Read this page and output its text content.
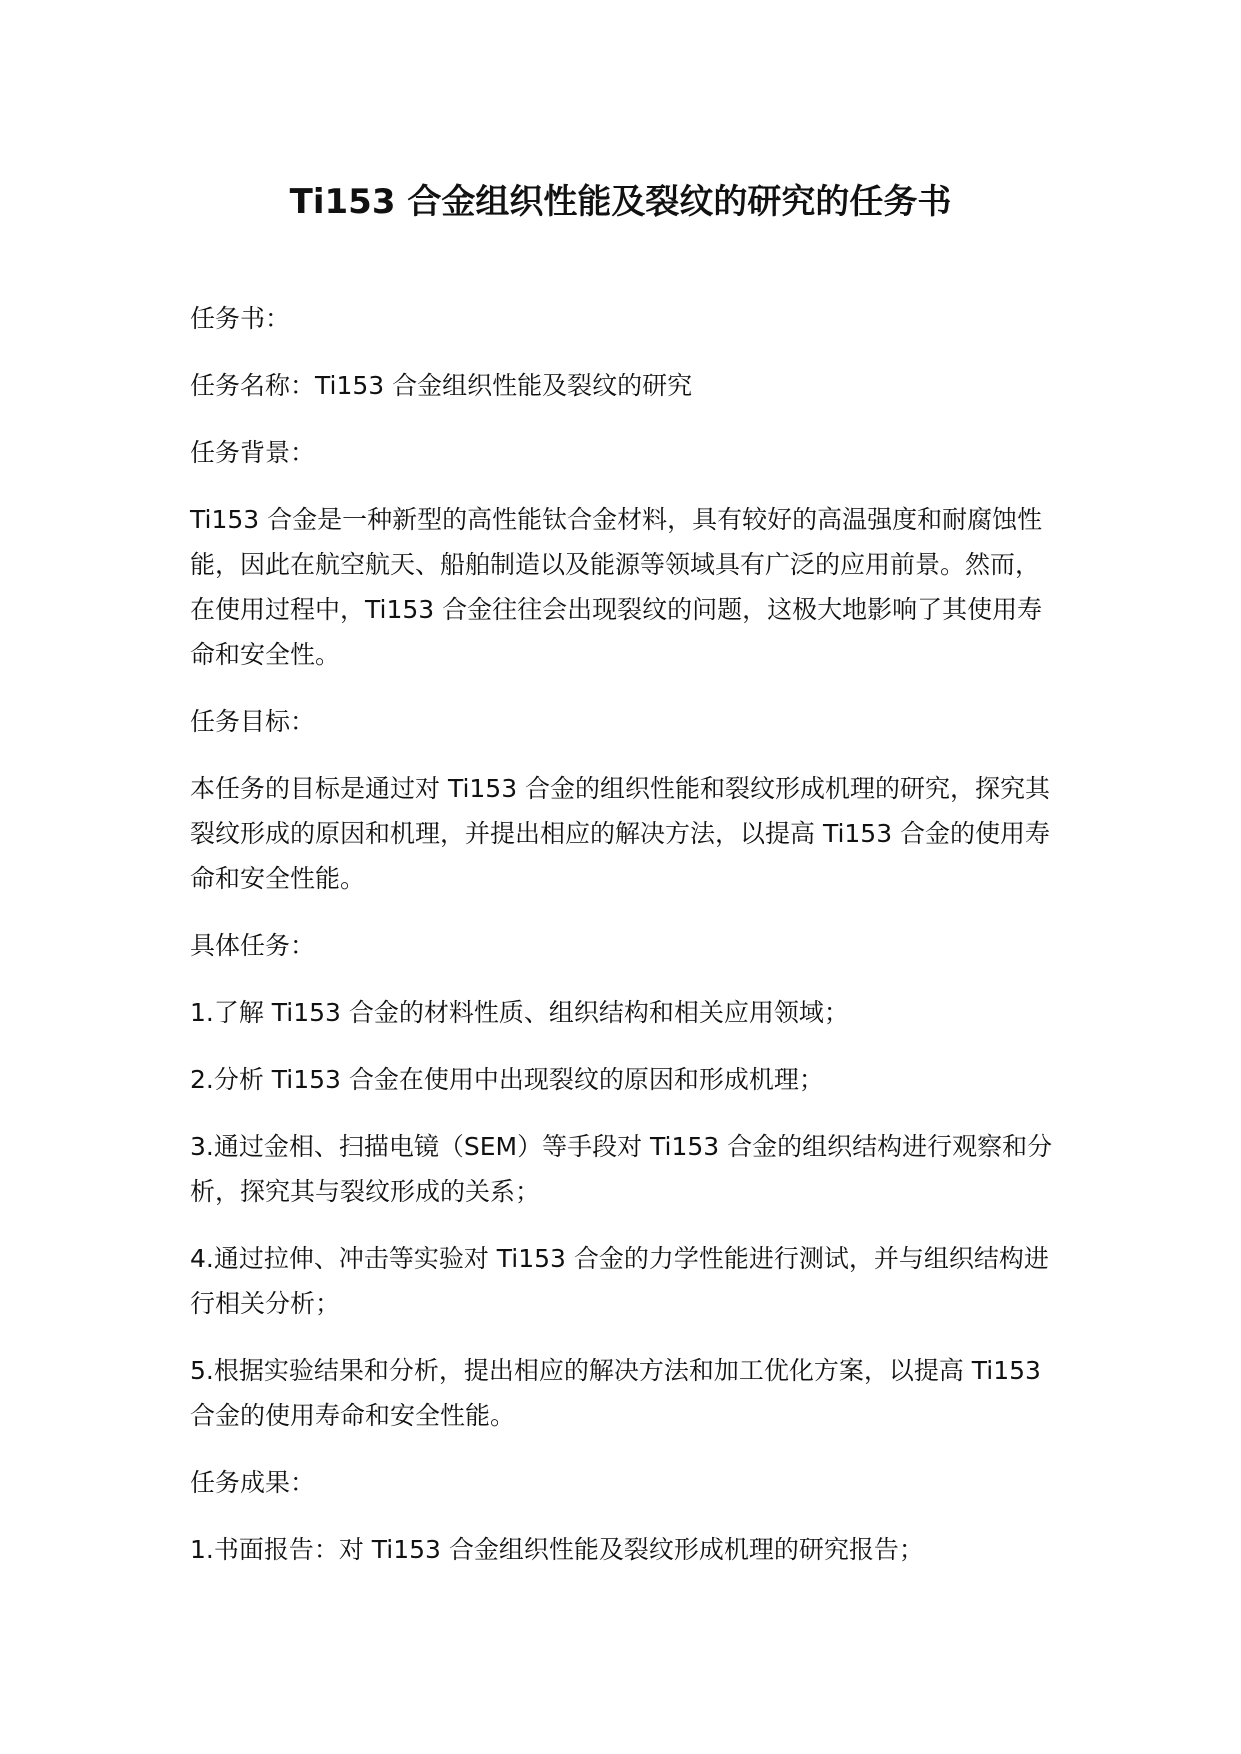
Ti153 合金组织性能及裂纹的研究的任务书

任务书：

任务名称：Ti153 合金组织性能及裂纹的研究

任务背景：

Ti153 合金是一种新型的高性能钛合金材料，具有较好的高温强度和耐腐蚀性能，因此在航空航天、船舶制造以及能源等领域具有广泛的应用前景。然而，在使用过程中，Ti153 合金往往会出现裂纹的问题，这极大地影响了其使用寿命和安全性。

任务目标：

本任务的目标是通过对 Ti153 合金的组织性能和裂纹形成机理的研究，探究其裂纹形成的原因和机理，并提出相应的解决方法，以提高 Ti153 合金的使用寿命和安全性能。

具体任务：

1.了解 Ti153 合金的材料性质、组织结构和相关应用领域；

2.分析 Ti153 合金在使用中出现裂纹的原因和形成机理；

3.通过金相、扫描电镜（SEM）等手段对 Ti153 合金的组织结构进行观察和分析，探究其与裂纹形成的关系；

4.通过拉伸、冲击等实验对 Ti153 合金的力学性能进行测试，并与组织结构进行相关分析；

5.根据实验结果和分析，提出相应的解决方法和加工优化方案，以提高 Ti153 合金的使用寿命和安全性能。

任务成果：

1.书面报告：对 Ti153 合金组织性能及裂纹形成机理的研究报告；
